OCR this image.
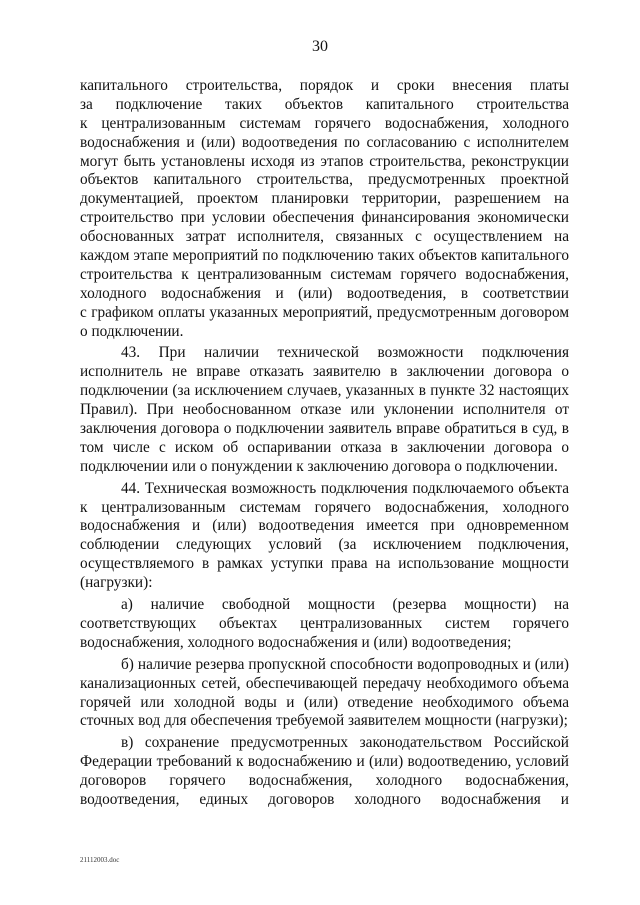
30
капитального строительства, порядок и сроки внесения платы
за подключение таких объектов капитального строительства
к централизованным системам горячего водоснабжения, холодного
водоснабжения и (или) водоотведения по согласованию с исполнителем
могут быть установлены исходя из этапов строительства, реконструкции
объектов капитального строительства, предусмотренных проектной
документацией, проектом планировки территории, разрешением на
строительство при условии обеспечения финансирования экономически
обоснованных затрат исполнителя, связанных с осуществлением на
каждом этапе мероприятий по подключению таких объектов капитального
строительства к централизованным системам горячего водоснабжения,
холодного водоснабжения и (или) водоотведения, в соответствии
с графиком оплаты указанных мероприятий, предусмотренным договором
о подключении.
43. При наличии технической возможности подключения
исполнитель не вправе отказать заявителю в заключении договора о
подключении (за исключением случаев, указанных в пункте 32 настоящих
Правил). При необоснованном отказе или уклонении исполнителя от
заключения договора о подключении заявитель вправе обратиться в суд, в
том числе с иском об оспаривании отказа в заключении договора о
подключении или о понуждении к заключению договора о подключении.
44. Техническая возможность подключения подключаемого объекта
к централизованным системам горячего водоснабжения, холодного
водоснабжения и (или) водоотведения имеется при одновременном
соблюдении следующих условий (за исключением подключения,
осуществляемого в рамках уступки права на использование мощности
(нагрузки):
а) наличие свободной мощности (резерва мощности) на
соответствующих объектах централизованных систем горячего
водоснабжения, холодного водоснабжения и (или) водоотведения;
б) наличие резерва пропускной способности водопроводных и (или)
канализационных сетей, обеспечивающей передачу необходимого объема
горячей или холодной воды и (или) отведение необходимого объема
сточных вод для обеспечения требуемой заявителем мощности (нагрузки);
в) сохранение предусмотренных законодательством Российской
Федерации требований к водоснабжению и (или) водоотведению, условий
договоров горячего водоснабжения, холодного водоснабжения,
водоотведения, единых договоров холодного водоснабжения и
21112003.doc
